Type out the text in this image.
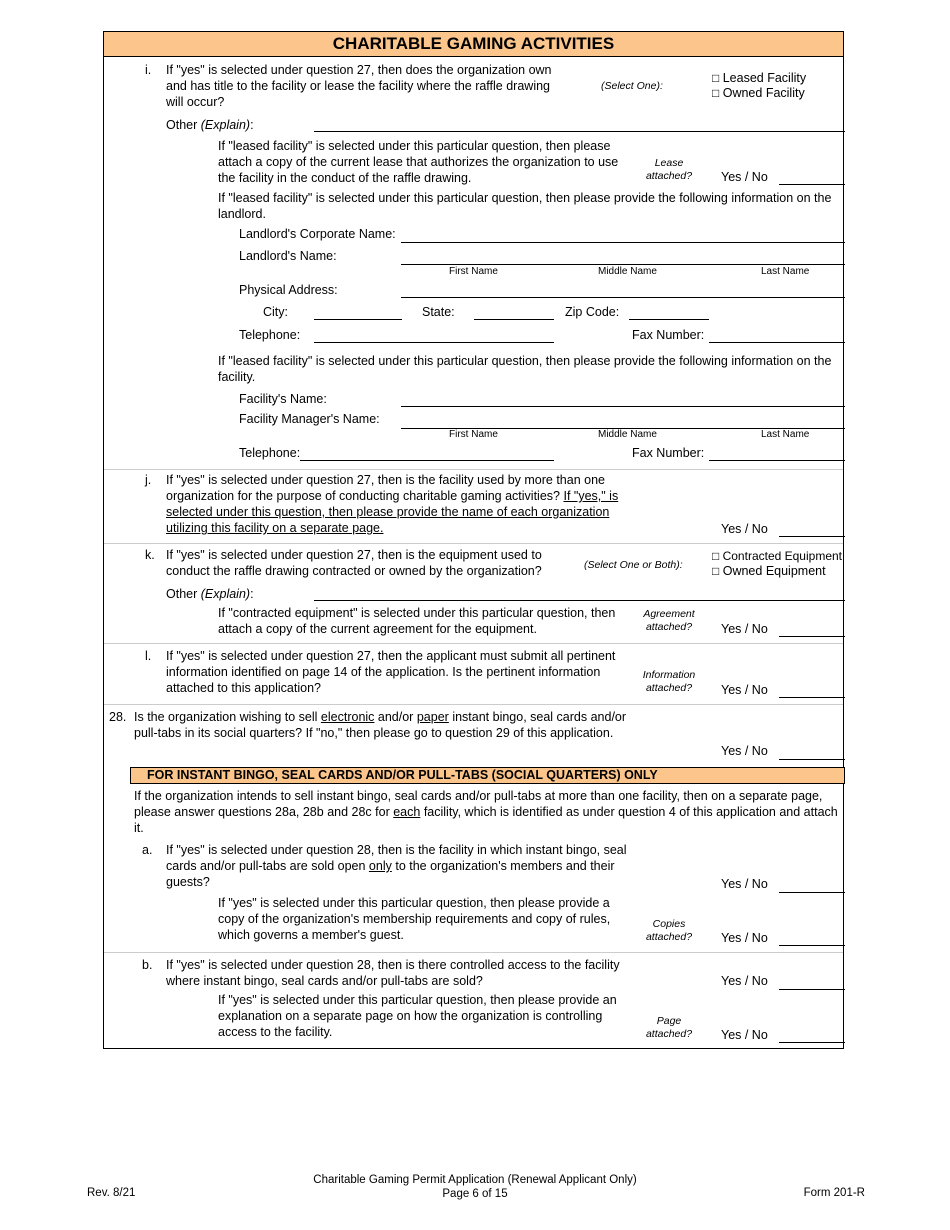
CHARITABLE GAMING ACTIVITIES
i. If "yes" is selected under question 27, then does the organization own and has title to the facility or lease the facility where the raffle drawing will occur?
(Select One):
□ Leased Facility
□ Owned Facility
Other (Explain):
If "leased facility" is selected under this particular question, then please attach a copy of the current lease that authorizes the organization to use the facility in the conduct of the raffle drawing.
Lease attached?	Yes / No
If "leased facility" is selected under this particular question, then please provide the following information on the landlord.
Landlord's Corporate Name:
Landlord's Name:
First Name	Middle Name	Last Name
Physical Address:
City:	State:	Zip Code:
Telephone:	Fax Number:
If "leased facility" is selected under this particular question, then please provide the following information on the facility.
Facility's Name:
Facility Manager's Name:
First Name	Middle Name	Last Name
Telephone:	Fax Number:
j. If "yes" is selected under question 27, then is the facility used by more than one organization for the purpose of conducting charitable gaming activities? If "yes," is selected under this question, then please provide the name of each organization utilizing this facility on a separate page.	Yes / No
k. If "yes" is selected under question 27, then is the equipment used to conduct the raffle drawing contracted or owned by the organization?	(Select One or Both):
□ Contracted Equipment
□ Owned Equipment
Other (Explain):
If "contracted equipment" is selected under this particular question, then attach a copy of the current agreement for the equipment.
Agreement attached?	Yes / No
l. If "yes" is selected under question 27, then the applicant must submit all pertinent information identified on page 14 of the application. Is the pertinent information attached to this application?
Information attached?	Yes / No
28. Is the organization wishing to sell electronic and/or paper instant bingo, seal cards and/or pull-tabs in its social quarters? If "no," then please go to question 29 of this application.
Yes / No
FOR INSTANT BINGO, SEAL CARDS AND/OR PULL-TABS (SOCIAL QUARTERS) ONLY
If the organization intends to sell instant bingo, seal cards and/or pull-tabs at more than one facility, then on a separate page, please answer questions 28a, 28b and 28c for each facility, which is identified as under question 4 of this application and attach it.
a. If "yes" is selected under question 28, then is the facility in which instant bingo, seal cards and/or pull-tabs are sold open only to the organization's members and their guests?	Yes / No
If "yes" is selected under this particular question, then please provide a copy of the organization's membership requirements and copy of rules, which governs a member's guest.
Copies attached?	Yes / No
b. If "yes" is selected under question 28, then is there controlled access to the facility where instant bingo, seal cards and/or pull-tabs are sold?	Yes / No
If "yes" is selected under this particular question, then please provide an explanation on a separate page on how the organization is controlling access to the facility.
Page attached?	Yes / No
Rev. 8/21
Charitable Gaming Permit Application (Renewal Applicant Only)
Page 6 of 15	Form 201-R
